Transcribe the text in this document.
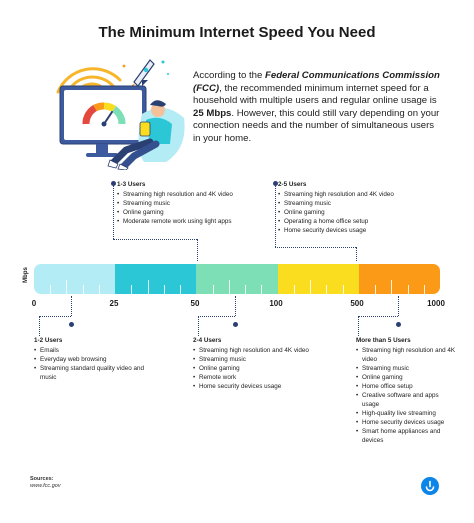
The Minimum Internet Speed You Need
According to the Federal Communications Commission (FCC), the recommended minimum internet speed for a household with multiple users and regular online usage is 25 Mbps. However, this could still vary depending on your connection needs and the number of simultaneous users in your home.
1-3 Users
• Streaming high resolution and 4K video
• Streaming music
• Online gaming
• Moderate remote work using light apps
2-5 Users
• Streaming high resolution and 4K video
• Streaming music
• Online gaming
• Operating a home office setup
• Home security devices usage
Mbps
0	25	50	100	500	1000
1-2 Users
• Emails
• Everyday web browsing
• Streaming standard quality video and music
2-4 Users
• Streaming high resolution and 4K video
• Streaming music
• Online gaming
• Remote work
• Home security devices usage
More than 5 Users
• Streaming high resolution and 4K video
• Streaming music
• Online gaming
• Home office setup
• Creative software and apps usage
• High-quality live streaming
• Home security devices usage
• Smart home appliances and devices
Sources:
www.fcc.gov
